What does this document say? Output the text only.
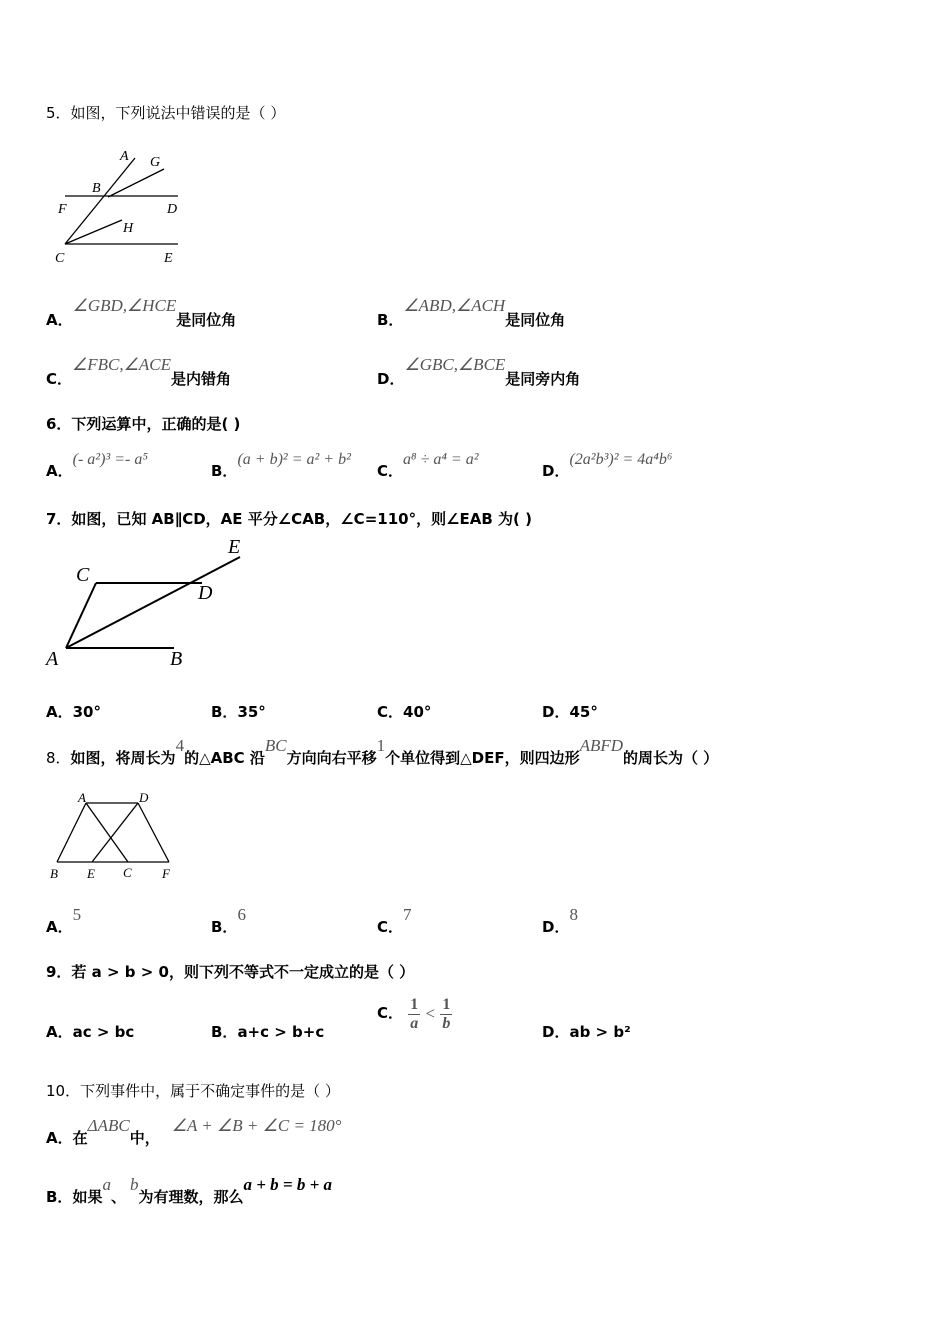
5．如图，下列说法中错误的是（ ）
A G
B
F	D
H
C	E
A．∠GBD,∠HCE是同位角	B．∠ABD,∠ACH是同位角
C．∠FBC,∠ACE是内错角	D．∠GBC,∠BCE是同旁内角
6．下列运算中，正确的是( )
A．(- a²)³ =- a⁵
B．(a + b)² = a² + b²
C．a⁸ ÷ a⁴ = a²
D．(2a²b³)² = 4a⁴b⁶
7．如图，已知 AB∥CD，AE 平分∠CAB，∠C=110°，则∠EAB 为( )
C
E
D
A	B
A．30°	B．35°	C．40°	D．45°
8．如图，将周长为4的△ABC 沿BC方向向右平移1个单位得到△DEF，则四边形ABFD的周长为（ ）
A	D
B E C F
A．5
B．6
C．7
D．8
9．若 a > b > 0，则下列不等式不一定成立的是（ ）
A．ac > bc	B．a+c > b+c
C． $\frac{1}{a} < \frac{1}{b}$	D．ab > b²
10．下列事件中，属于不确定事件的是（ ）
A．在ΔABC中，∠A + ∠B + ∠C = 180°
B．如果a、b为有理数，那么a + b = b + a
